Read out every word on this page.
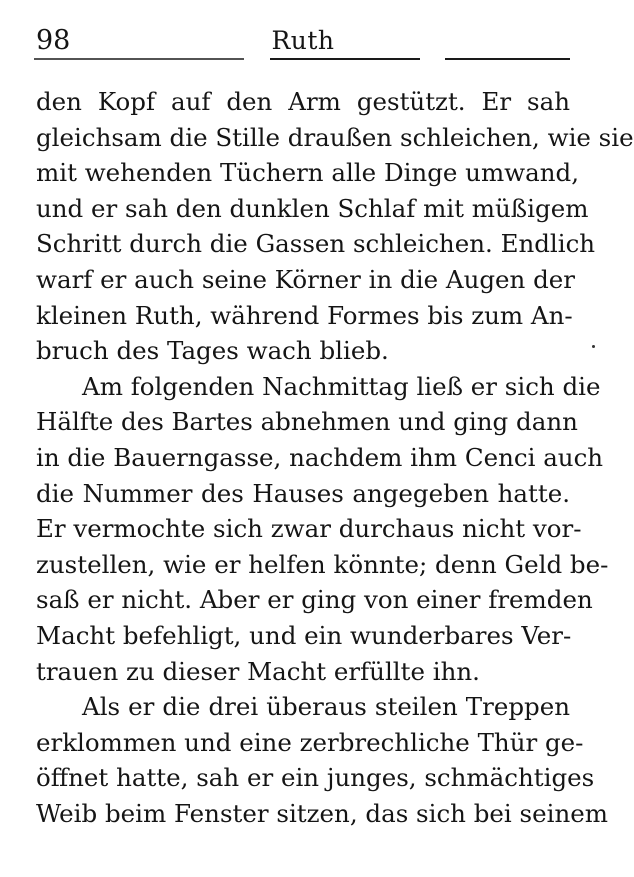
98	Ruth
den Kopf auf den Arm gestützt. Er sah
gleichsam die Stille draußen schleichen, wie sie
mit wehenden Tüchern alle Dinge umwand,
und er sah den dunklen Schlaf mit müßigem
Schritt durch die Gassen schleichen. Endlich
warf er auch seine Körner in die Augen der
kleinen Ruth, während Formes bis zum An-
bruch des Tages wach blieb.
Am folgenden Nachmittag ließ er sich die
Hälfte des Bartes abnehmen und ging dann
in die Bauerngasse, nachdem ihm Cenci auch
die Nummer des Hauses angegeben hatte.
Er vermochte sich zwar durchaus nicht vor-
zustellen, wie er helfen könnte; denn Geld be-
saß er nicht. Aber er ging von einer fremden
Macht befehligt, und ein wunderbares Ver-
trauen zu dieser Macht erfüllte ihn.
Als er die drei überaus steilen Treppen
erklommen und eine zerbrechliche Thür ge-
öffnet hatte, sah er ein junges, schmächtiges
Weib beim Fenster sitzen, das sich bei seinem
